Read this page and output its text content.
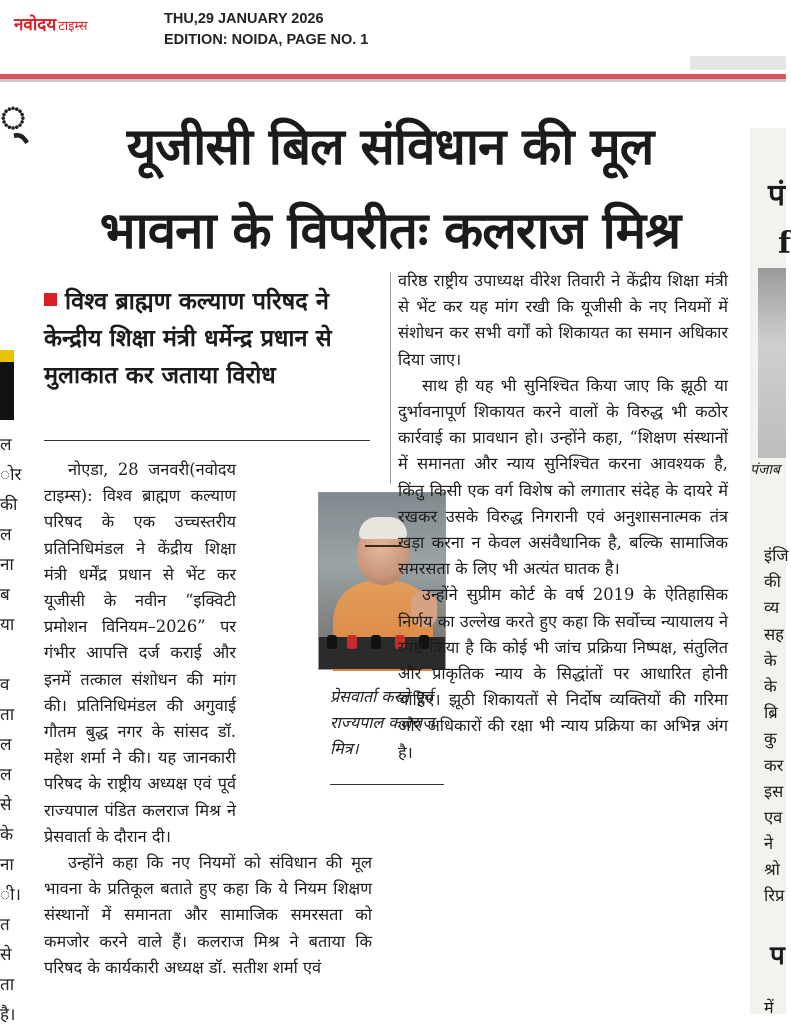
नवोदय टाइम्स	THU,29 JANUARY 2026
EDITION: NOIDA, PAGE NO. 1
्
ल
ोर
की
ल
ना
ब
या
व
ता
ल
ल
से
के
ना
ी।
त
से
ता
है।
यूजीसी बिल संविधान की मूल
भावना के विपरीतः कलराज मिश्र
विश्व ब्राह्मण कल्याण परिषद ने केन्द्रीय शिक्षा मंत्री धर्मेन्द्र प्रधान से मुलाकात कर जताया विरोध

नोएडा, 28 जनवरी(नवोदय टाइम्स): विश्व ब्राह्मण कल्याण परिषद के एक उच्चस्तरीय प्रतिनिधिमंडल ने केंद्रीय शिक्षा मंत्री धर्मेंद्र प्रधान से भेंट कर यूजीसी के नवीन “इक्विटी प्रमोशन विनियम–2026” पर गंभीर आपत्ति दर्ज कराई और इनमें तत्काल संशोधन की मांग की। प्रतिनिधिमंडल की अगुवाई गौतम बुद्ध नगर के सांसद डॉ. महेश शर्मा ने की। यह जानकारी परिषद के राष्ट्रीय अध्यक्ष एवं पूर्व राज्यपाल पंडित कलराज मिश्र ने प्रेसवार्ता के दौरान दी।

उन्होंने कहा कि नए नियमों को संविधान की मूल भावना के प्रतिकूल बताते हुए कहा कि ये नियम शिक्षण संस्थानों में समानता और सामाजिक समरसता को कमजोर करने वाले हैं। कलराज मिश्र ने बताया कि परिषद के कार्यकारी अध्यक्ष डॉ. सतीश शर्मा एवं

प्रेसवार्ता करते पूर्व राज्यपाल कलराज मित्र।

वरिष्ठ राष्ट्रीय उपाध्यक्ष वीरेश तिवारी ने केंद्रीय शिक्षा मंत्री से भेंट कर यह मांग रखी कि यूजीसी के नए नियमों में संशोधन कर सभी वर्गों को शिकायत का समान अधिकार दिया जाए।

साथ ही यह भी सुनिश्चित किया जाए कि झूठी या दुर्भावनापूर्ण शिकायत करने वालों के विरुद्ध भी कठोर कार्रवाई का प्रावधान हो। उन्होंने कहा, “शिक्षण संस्थानों में समानता और न्याय सुनिश्चित करना आवश्यक है, किंतु किसी एक वर्ग विशेष को लगातार संदेह के दायरे में रखकर उसके विरुद्ध निगरानी एवं अनुशासनात्मक तंत्र खड़ा करना न केवल असंवैधानिक है, बल्कि सामाजिक समरसता के लिए भी अत्यंत घातक है।

उन्होंने सुप्रीम कोर्ट के वर्ष 2019 के ऐतिहासिक निर्णय का उल्लेख करते हुए कहा कि सर्वोच्च न्यायालय ने स्पष्ट किया है कि कोई भी जांच प्रक्रिया निष्पक्ष, संतुलित और प्राकृतिक न्याय के सिद्धांतों पर आधारित होनी चाहिए। झूठी शिकायतों से निर्दोष व्यक्तियों की गरिमा और अधिकारों की रक्षा भी न्याय प्रक्रिया का अभिन्न अंग है।

पं
f
पंजाब
इंजि
की
व्य
सह
के
के
ब्रि
कु
कर
इस
एव
ने
श्रो
रिप्र
प
में
